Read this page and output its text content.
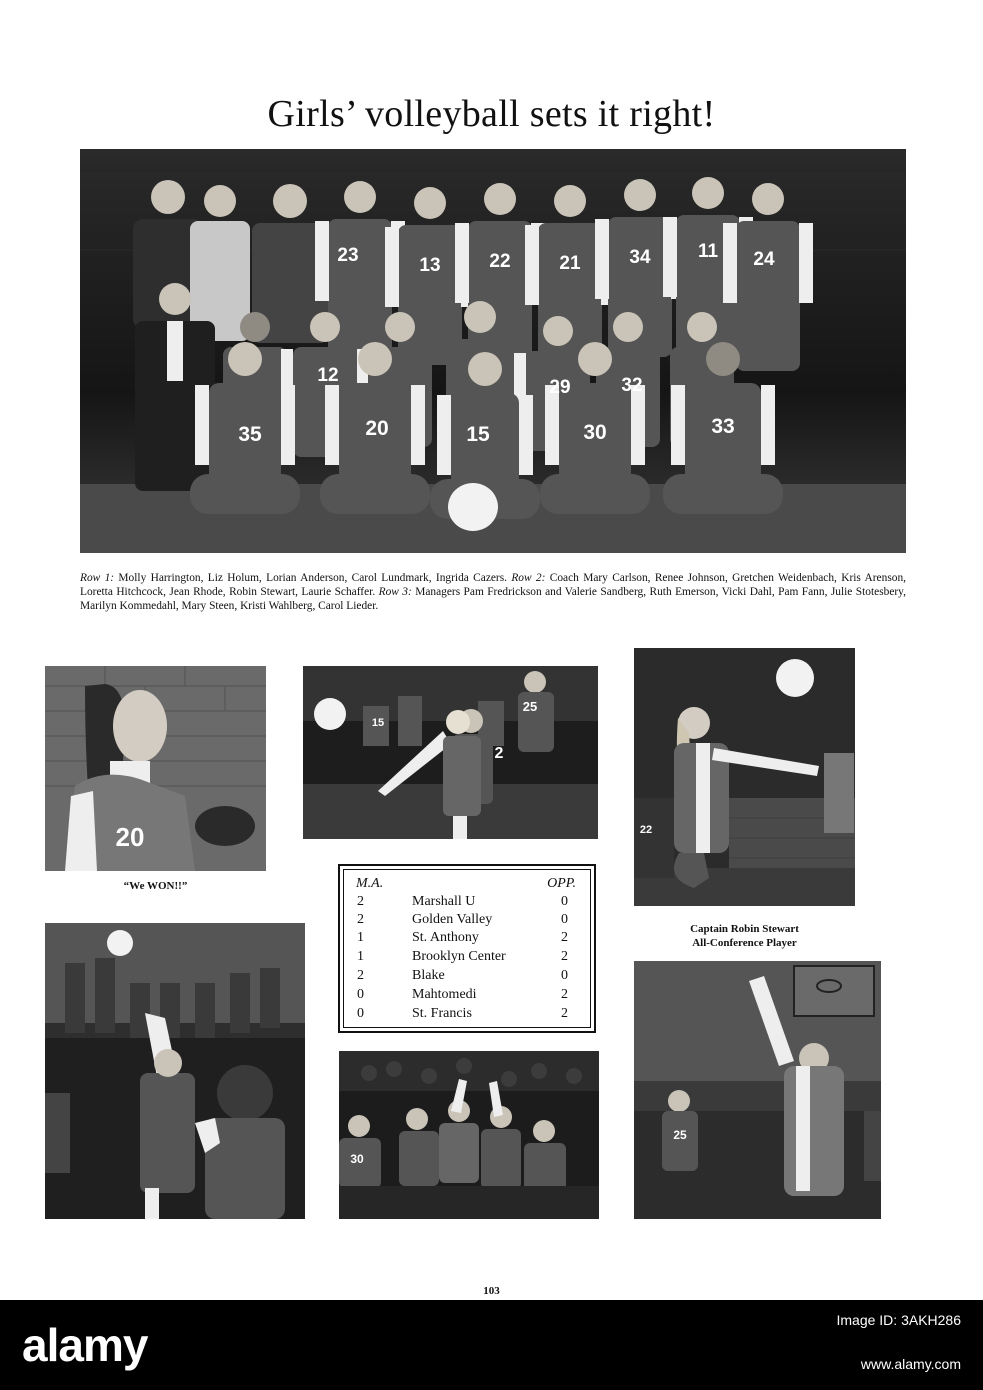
Girls’ volleyball sets it right!
23	13	22	21	34 11 24
12
29	32
35	20	15	30	33
Row 1: Molly Harrington, Liz Holum, Lorian Anderson, Carol Lundmark, Ingrida Cazers. Row 2: Coach Mary Carlson, Renee Johnson, Gretchen Weidenbach, Kris Arenson, Loretta Hitchcock, Jean Rhode, Robin Stewart, Laurie Schaffer. Row 3: Managers Pam Fredrickson and Valerie Sandberg, Ruth Emerson, Vicki Dahl, Pam Fann, Julie Stotesbery, Marilyn Kommedahl, Mary Steen, Kristi Wahlberg, Carol Lieder.
20
“We WON!!”
15
2
25
22
Captain Robin Stewart
All-Conference Player
M.A.	OPP.
2	Marshall U	0
2	Golden Valley	0
1	St. Anthony	2
1	Brooklyn Center	2
2	Blake	0
0	Mahtomedi	2
0	St. Francis	2
30
25
103
alamy	Image ID: 3AKH286
www.alamy.com
